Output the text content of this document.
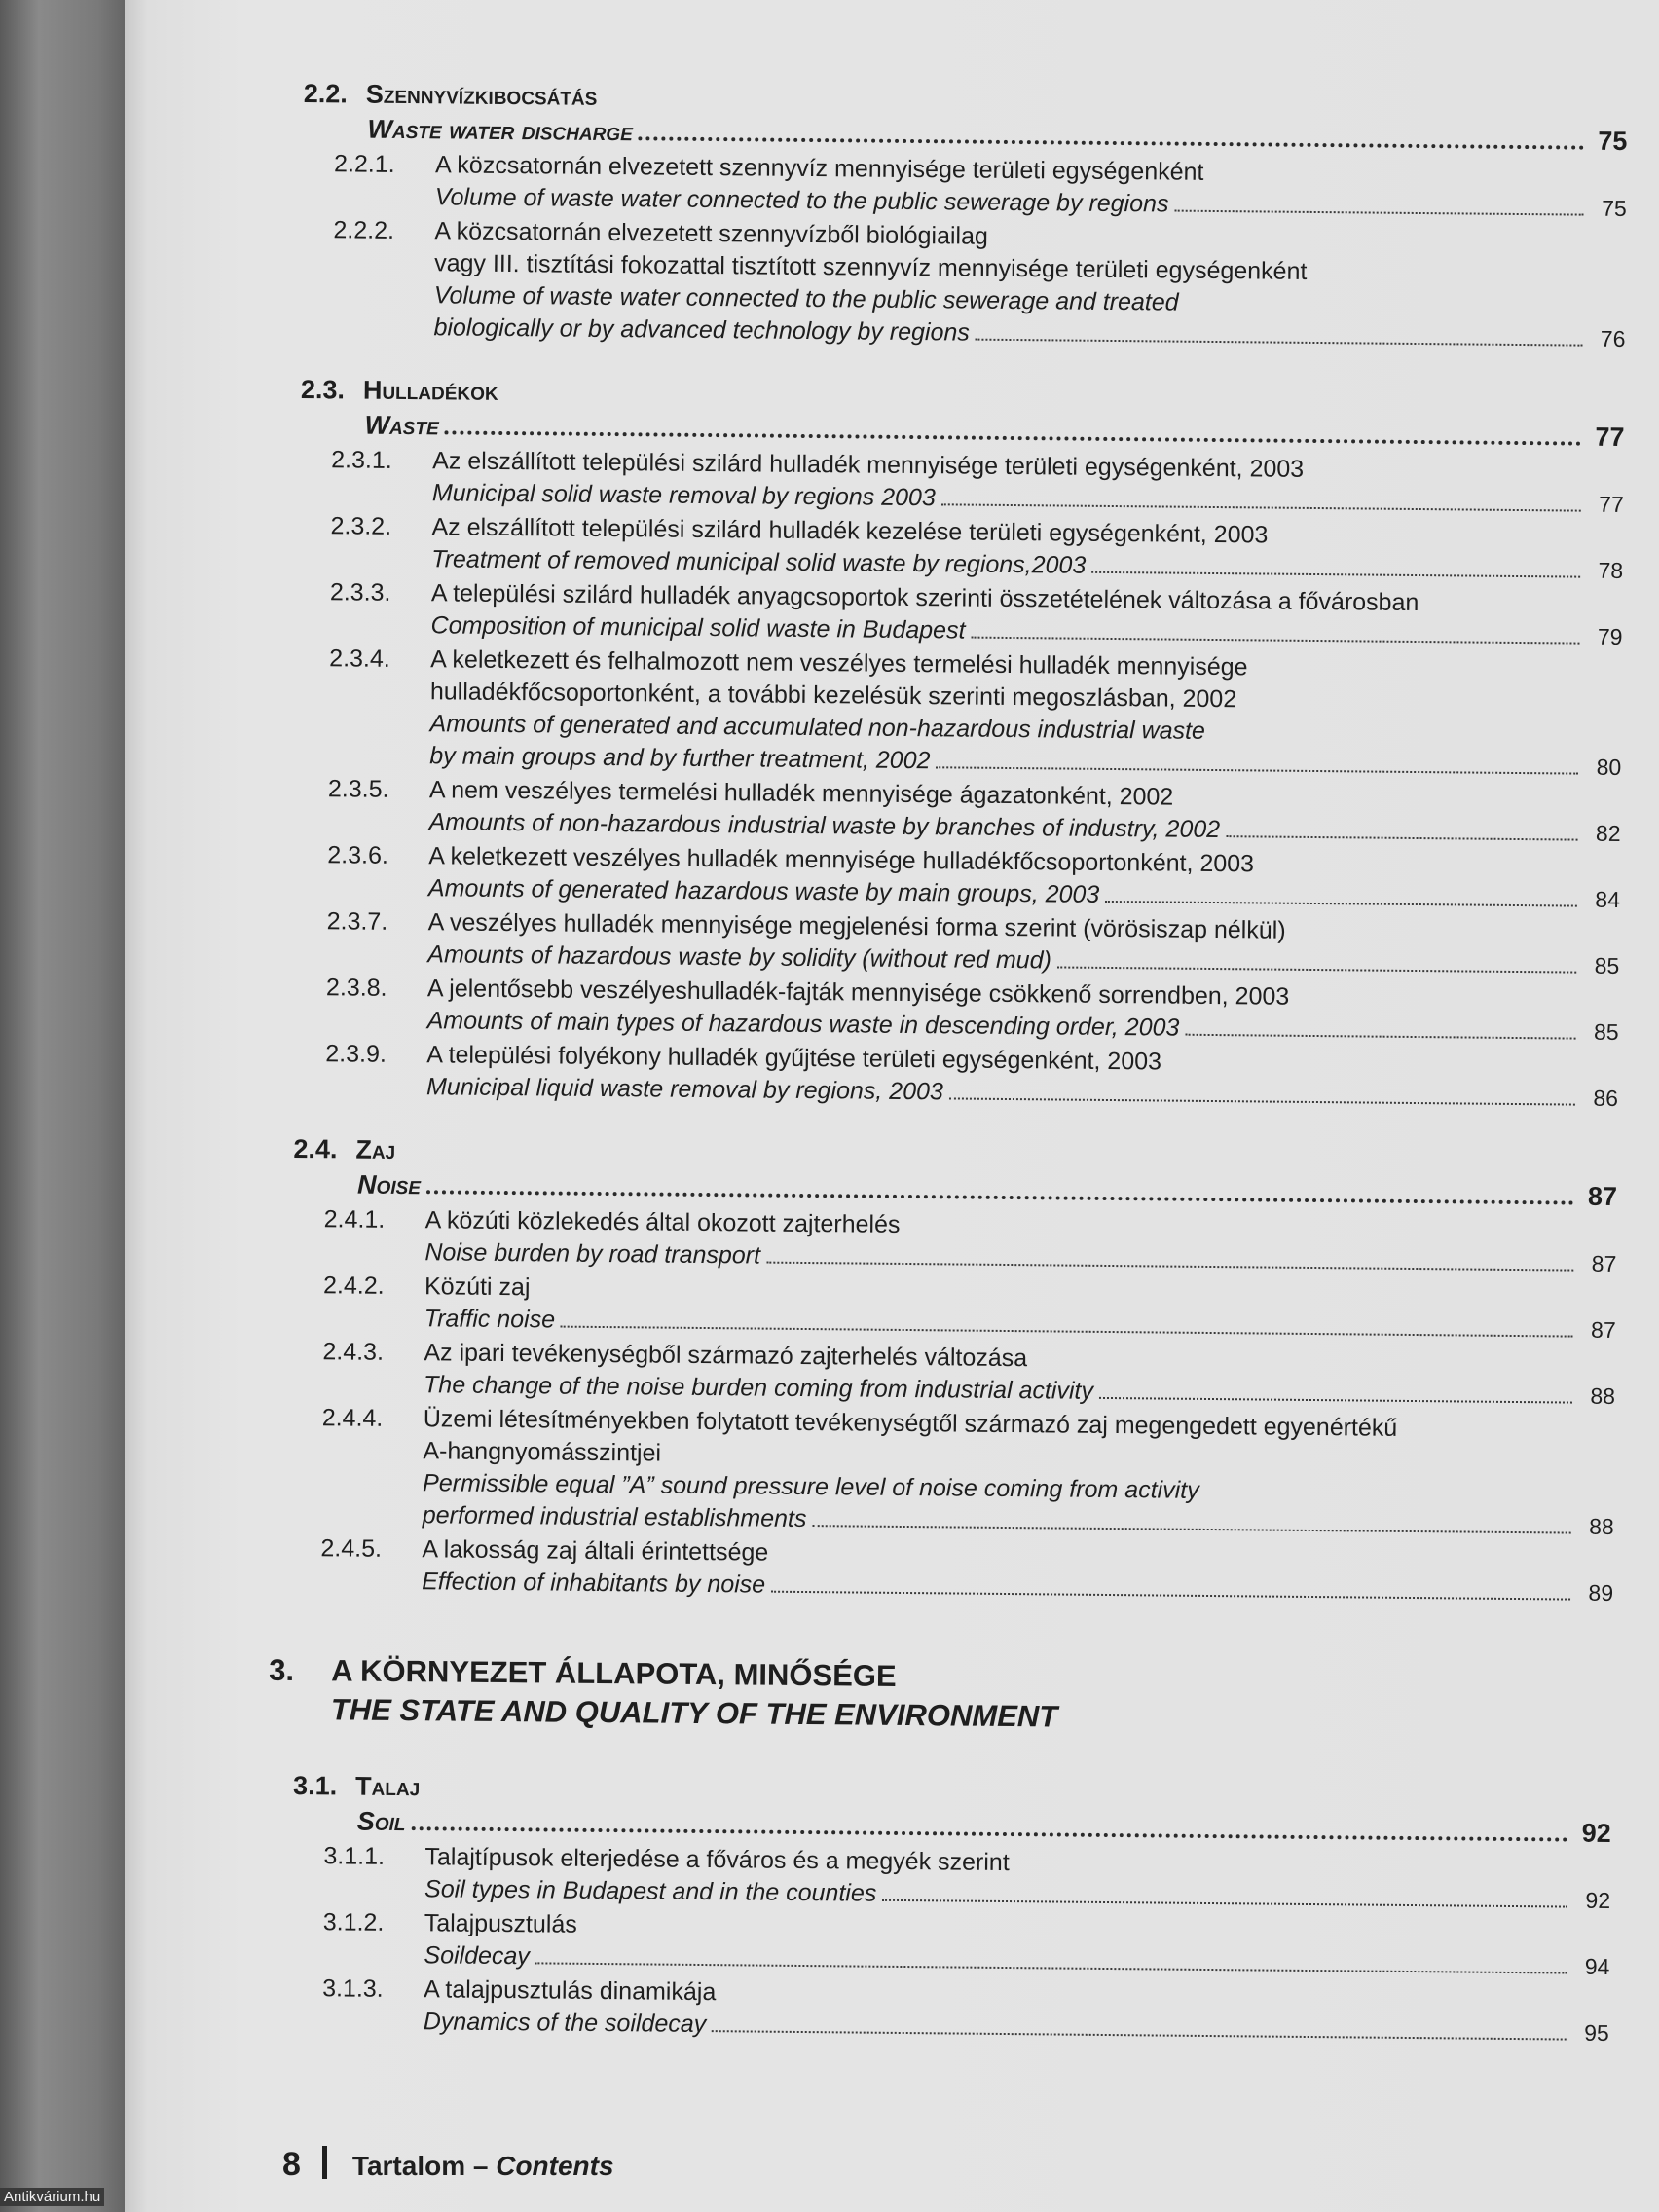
2.2. Szennyvízkibocsátás
Waste water discharge	75
2.2.1.	A közcsatornán elvezetett szennyvíz mennyisége területi egységenként
Volume of waste water connected to the public sewerage by regions	75
2.2.2.	A közcsatornán elvezetett szennyvízből biológiailag
vagy III. tisztítási fokozattal tisztított szennyvíz mennyisége területi egységenként
Volume of waste water connected to the public sewerage and treated
biologically or by advanced technology by regions	76
2.3. Hulladékok
Waste	77
2.3.1.	Az elszállított települési szilárd hulladék mennyisége területi egységenként, 2003
Municipal solid waste removal by regions 2003	77
2.3.2.	Az elszállított települési szilárd hulladék kezelése területi egységenként, 2003
Treatment of removed municipal solid waste by regions,2003	78
2.3.3.	A települési szilárd hulladék anyagcsoportok szerinti összetételének változása a fővárosban
Composition of municipal solid waste in Budapest	79
2.3.4.	A keletkezett és felhalmozott nem veszélyes termelési hulladék mennyisége
hulladékfőcsoportonként, a további kezelésük szerinti megoszlásban, 2002
Amounts of generated and accumulated non-hazardous industrial waste
by main groups and by further treatment, 2002	80
2.3.5.	A nem veszélyes termelési hulladék mennyisége ágazatonként, 2002
Amounts of non-hazardous industrial waste by branches of industry, 2002	82
2.3.6.	A keletkezett veszélyes hulladék mennyisége hulladékfőcsoportonként, 2003
Amounts of generated hazardous waste by main groups, 2003	84
2.3.7.	A veszélyes hulladék mennyisége megjelenési forma szerint (vörösiszap nélkül)
Amounts of hazardous waste by solidity (without red mud)	85
2.3.8.	A jelentősebb veszélyeshulladék-fajták mennyisége csökkenő sorrendben, 2003
Amounts of main types of hazardous waste in descending order, 2003	85
2.3.9.	A települési folyékony hulladék gyűjtése területi egységenként, 2003
Municipal liquid waste removal by regions, 2003	86
2.4. Zaj
Noise	87
2.4.1.	A közúti közlekedés által okozott zajterhelés
Noise burden by road transport	87
2.4.2.	Közúti zaj
Traffic noise	87
2.4.3.	Az ipari tevékenységből származó zajterhelés változása
The change of the noise burden coming from industrial activity	88
2.4.4.	Üzemi létesítményekben folytatott tevékenységtől származó zaj megengedett egyenértékű
A-hangnyomásszintjei
Permissible equal ”A” sound pressure level of noise coming from activity
performed industrial establishments	88
2.4.5.	A lakosság zaj általi érintettsége
Effection of inhabitants by noise	89
3. A KÖRNYEZET ÁLLAPOTA, MINŐSÉGE
THE STATE AND QUALITY OF THE ENVIRONMENT
3.1. Talaj
Soil	92
3.1.1.	Talajtípusok elterjedése a főváros és a megyék szerint
Soil types in Budapest and in the counties	92
3.1.2.	Talajpusztulás
Soildecay	94
3.1.3.	A talajpusztulás dinamikája
Dynamics of the soildecay	95
8 Tartalom – Contents
Antikvárium.hu
